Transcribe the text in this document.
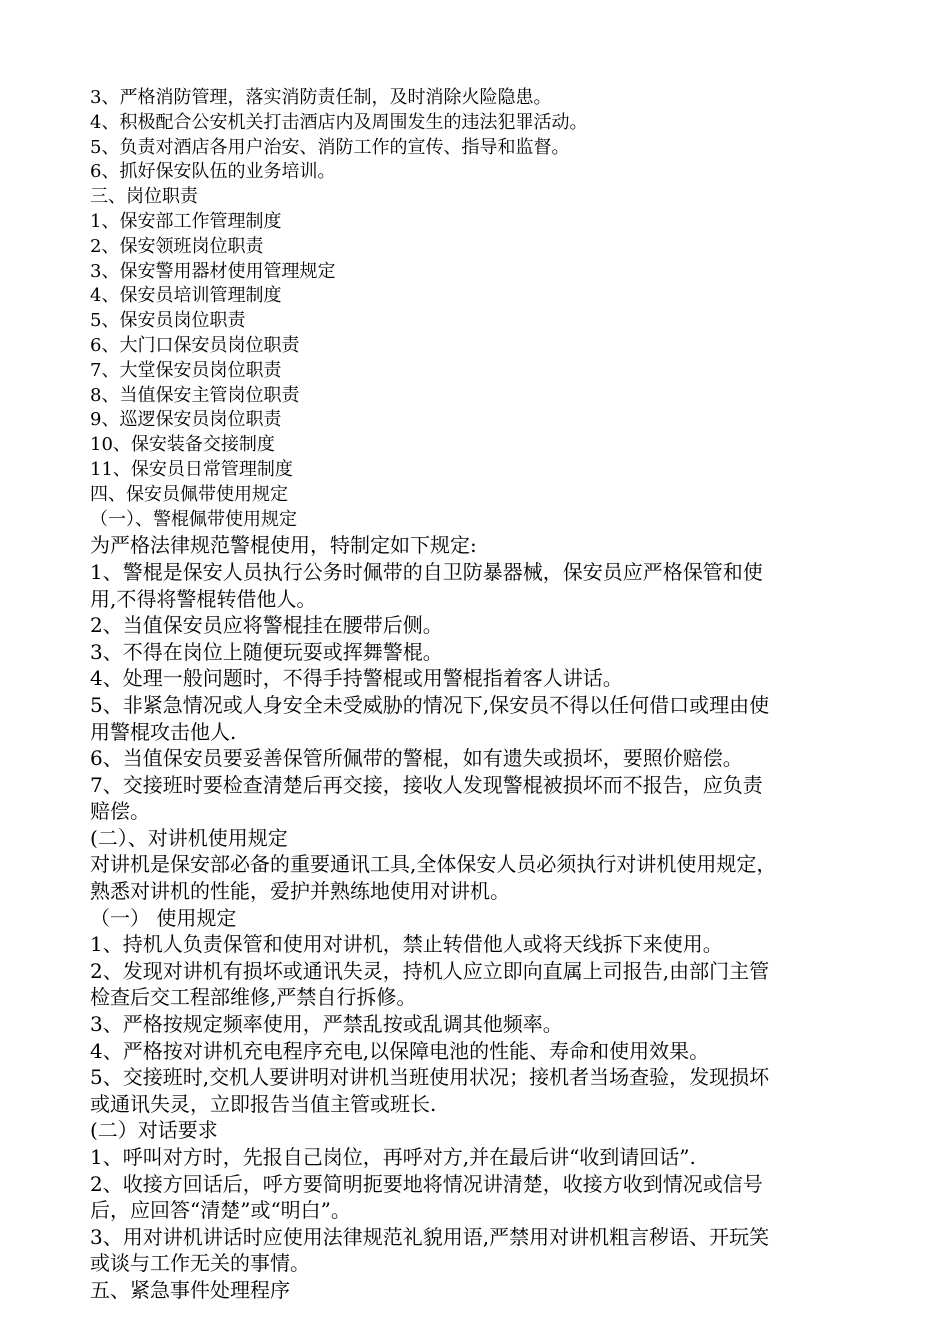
3、严格消防管理，落实消防责任制，及时消除火险隐患。
4、积极配合公安机关打击酒店内及周围发生的违法犯罪活动。
5、负责对酒店各用户治安、消防工作的宣传、指导和监督。
6、抓好保安队伍的业务培训。
三、岗位职责
1、保安部工作管理制度
2、保安领班岗位职责
3、保安警用器材使用管理规定
4、保安员培训管理制度
5、保安员岗位职责
6、大门口保安员岗位职责
7、大堂保安员岗位职责
8、当值保安主管岗位职责
9、巡逻保安员岗位职责
10、保安装备交接制度
11、保安员日常管理制度
四、保安员佩带使用规定
（一）、警棍佩带使用规定
为严格法律规范警棍使用，特制定如下规定:
1、警棍是保安人员执行公务时佩带的自卫防暴器械，保安员应严格保管和使
用,不得将警棍转借他人。
2、当值保安员应将警棍挂在腰带后侧。
3、不得在岗位上随便玩耍或挥舞警棍。
4、处理一般问题时，不得手持警棍或用警棍指着客人讲话。
5、非紧急情况或人身安全未受威胁的情况下,保安员不得以任何借口或理由使
用警棍攻击他人.
6、当值保安员要妥善保管所佩带的警棍，如有遗失或损坏，要照价赔偿。
7、交接班时要检查清楚后再交接，接收人发现警棍被损坏而不报告，应负责
赔偿。
(二）、对讲机使用规定
对讲机是保安部必备的重要通讯工具,全体保安人员必须执行对讲机使用规定，
熟悉对讲机的性能，爱护并熟练地使用对讲机。
（一） 使用规定
1、持机人负责保管和使用对讲机，禁止转借他人或将天线拆下来使用。
2、发现对讲机有损坏或通讯失灵，持机人应立即向直属上司报告,由部门主管
检查后交工程部维修,严禁自行拆修。
3、严格按规定频率使用，严禁乱按或乱调其他频率。
4、严格按对讲机充电程序充电,以保障电池的性能、寿命和使用效果。
5、交接班时,交机人要讲明对讲机当班使用状况；接机者当场查验，发现损坏
或通讯失灵，立即报告当值主管或班长.
(二）对话要求
1、呼叫对方时，先报自己岗位，再呼对方,并在最后讲“收到请回话”.
2、收接方回话后，呼方要简明扼要地将情况讲清楚，收接方收到情况或信号
后，应回答“清楚”或“明白”。
3、用对讲机讲话时应使用法律规范礼貌用语,严禁用对讲机粗言秽语、开玩笑
或谈与工作无关的事情。
五、紧急事件处理程序
